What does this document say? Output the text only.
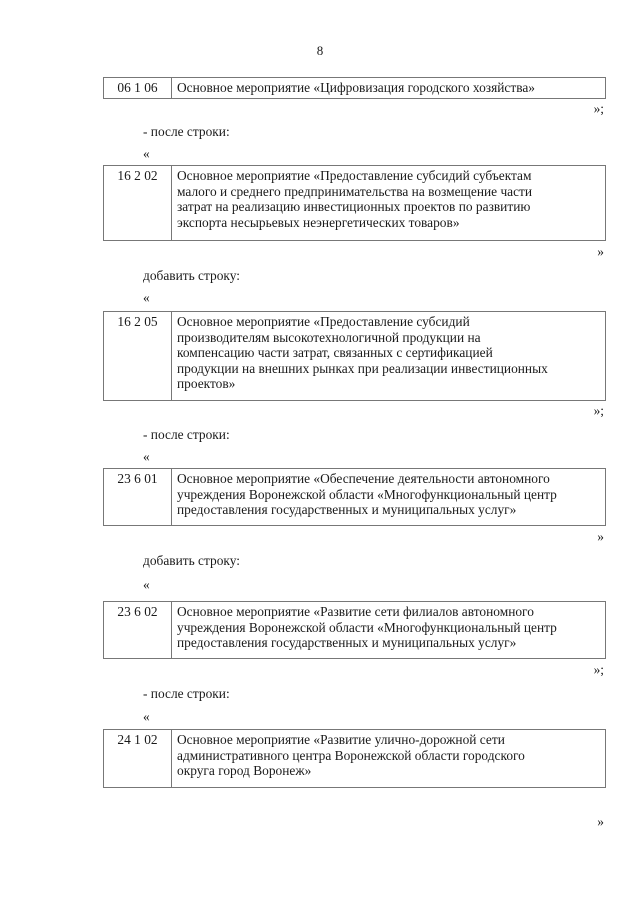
8
06 1 06	Основное мероприятие «Цифровизация городского хозяйства»
»;
- после строки:
«
16 2 02	Основное мероприятие «Предоставление субсидий субъектам
малого и среднего предпринимательства на возмещение части
затрат на реализацию инвестиционных проектов по развитию
экспорта несырьевых неэнергетических товаров»
»
добавить строку:
«
16 2 05	Основное мероприятие «Предоставление субсидий
производителям высокотехнологичной продукции на
компенсацию части затрат, связанных с сертификацией
продукции на внешних рынках при реализации инвестиционных
проектов»
»;
- после строки:
«
23 6 01	Основное мероприятие «Обеспечение деятельности автономного
учреждения Воронежской области «Многофункциональный центр
предоставления государственных и муниципальных услуг»
»
добавить строку:
«
23 6 02	Основное мероприятие «Развитие сети филиалов автономного
учреждения Воронежской области «Многофункциональный центр
предоставления государственных и муниципальных услуг»
»;
- после строки:
«
24 1 02	Основное мероприятие «Развитие улично-дорожной сети
административного центра Воронежской области городского
округа город Воронеж»
»
